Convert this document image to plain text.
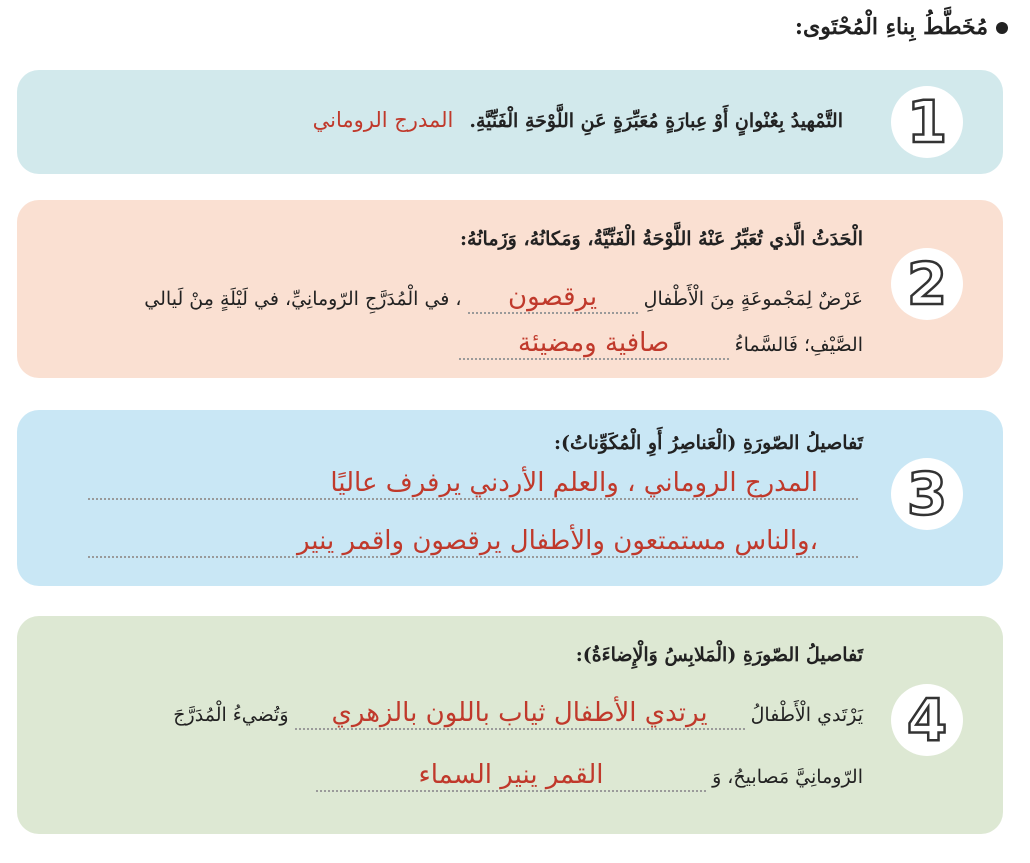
مُخَطَّطُ بِناءِ الْمُحْتَوى:
1
التَّمْهيدُ بِعُنْوانٍ أَوْ عِبارَةٍ مُعَبِّرَةٍ عَنِ اللَّوْحَةِ الْفَنِّيَّةِ. المدرج الروماني
2
الْحَدَثُ الَّذي تُعَبِّرُ عَنْهُ اللَّوْحَةُ الْفَنِّيَّةُ، وَمَكانُهُ، وَزَمانُهُ:
عَرْضٌ لِمَجْموعَةٍ مِنَ الْأَطْفالِ يرقصون ، في الْمُدَرَّجِ الرّومانِيِّ، في لَيْلَةٍ مِنْ لَيالي
الصَّيْفِ؛ فَالسَّماءُ صافية ومضيئة
3
تَفاصيلُ الصّورَةِ (الْعَناصِرُ أَوِ الْمُكَوِّناتُ):
المدرج الروماني ، والعلم الأردني يرفرف عاليًا
،والناس مستمتعون والأطفال يرقصون واقمر ينير
4
تَفاصيلُ الصّورَةِ (الْمَلابِسُ وَالْإِضاءَةُ):
يَرْتَدي الْأَطْفالُ يرتدي الأطفال ثياب باللون بالزهري وَتُضيءُ الْمُدَرَّجَ
الرّومانِيَّ مَصابيحُ، وَ القمر ينير السماء
